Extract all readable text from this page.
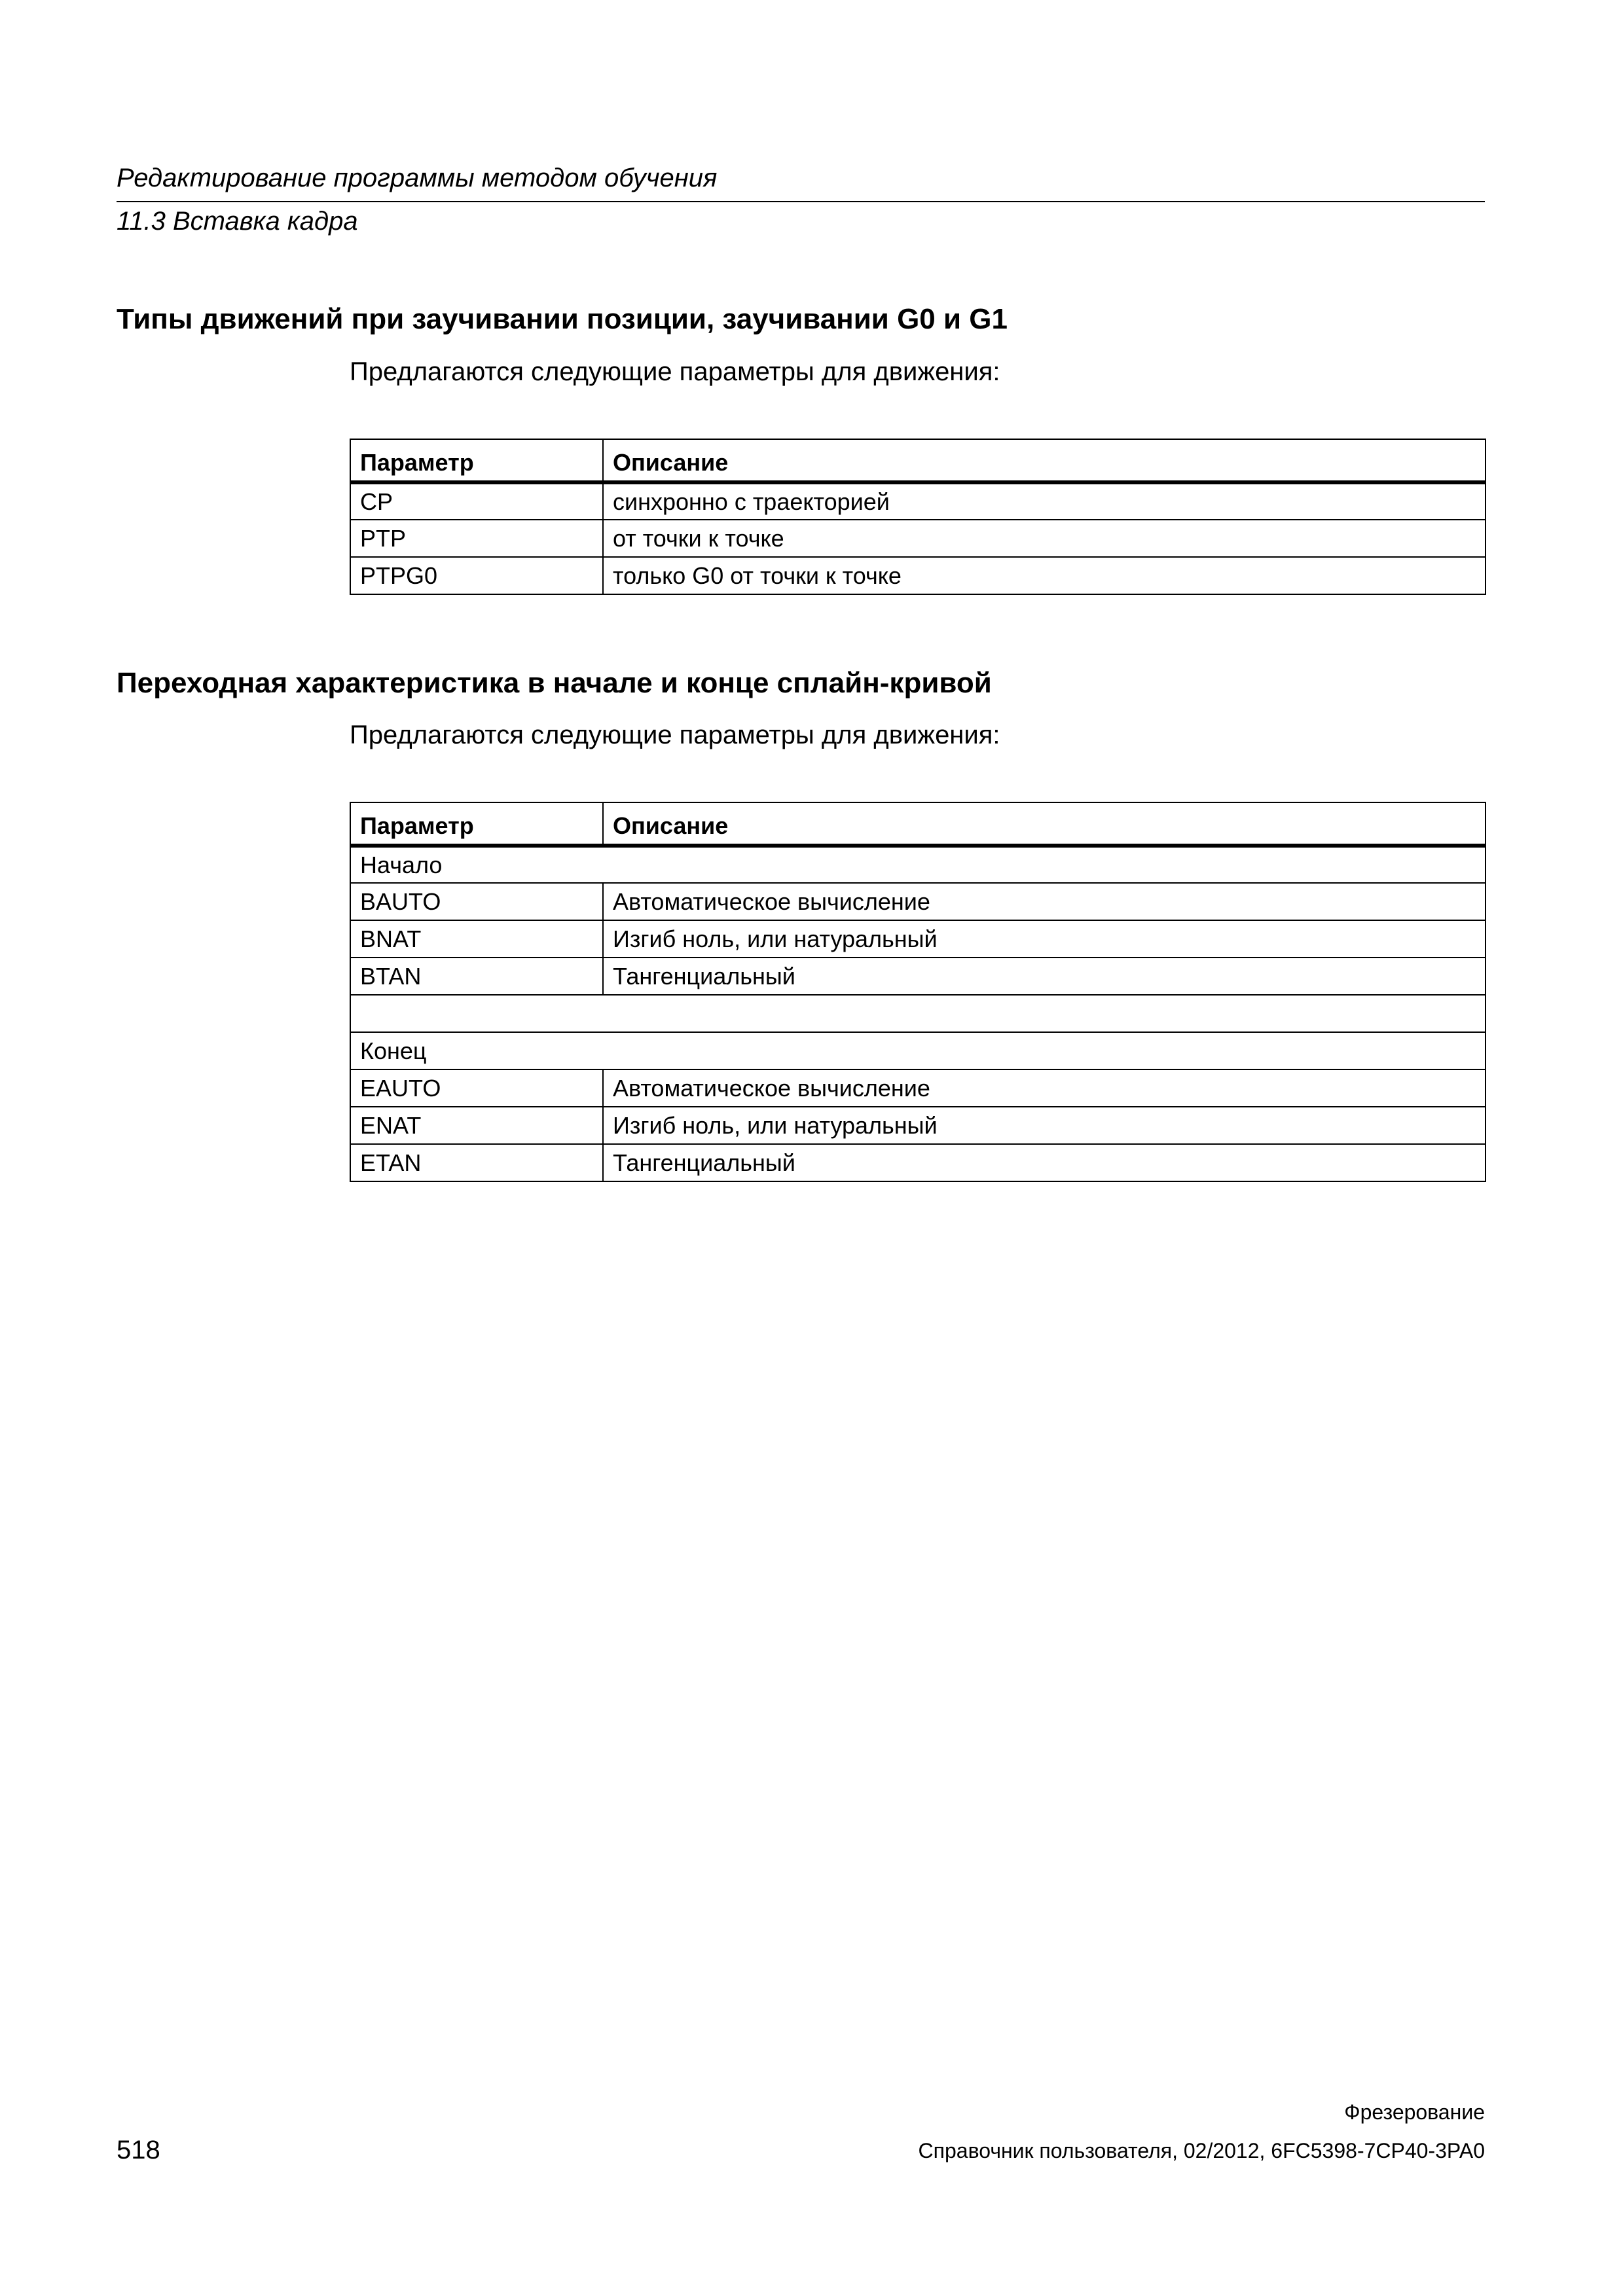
Редактирование программы методом обучения
11.3 Вставка кадра
Типы движений при заучивании позиции, заучивании G0 и G1
Предлагаются следующие параметры для движения:
Параметр	Описание
CP	синхронно с траекторией
PTP	от точки к точке
PTPG0	только G0 от точки к точке
Переходная характеристика в начале и конце сплайн-кривой
Предлагаются следующие параметры для движения:
Параметр	Описание
Начало	
BAUTO	Автоматическое вычисление
BNAT	Изгиб ноль, или натуральный
BTAN	Тангенциальный

Конец	
EAUTO	Автоматическое вычисление
ENAT	Изгиб ноль, или натуральный
ETAN	Тангенциальный
Фрезерование
518	Справочник пользователя, 02/2012, 6FC5398-7CP40-3PA0
